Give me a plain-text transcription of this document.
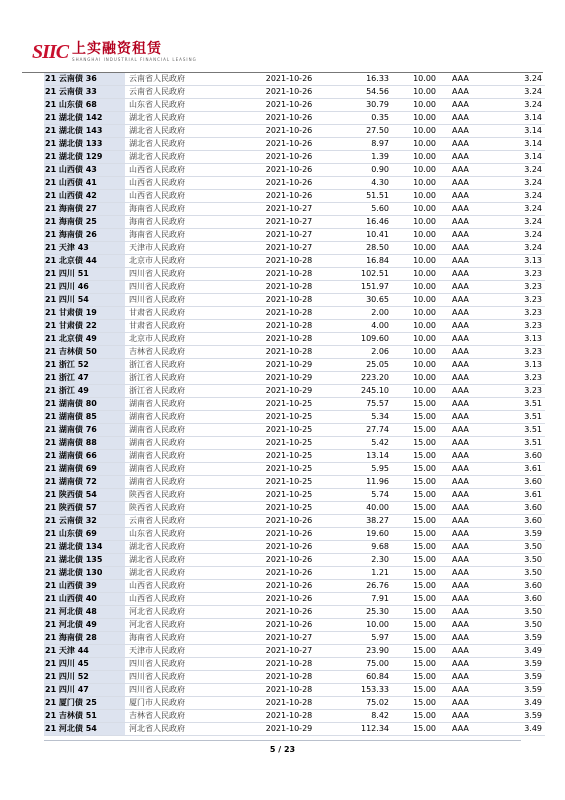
SIIC 上实融资租赁
SHANGHAI INDUSTRIAL FINANCIAL LEASING
21 云南债 36	云南省人民政府	2021-10-26	16.33	10.00	AAA	3.24
21 云南债 33	云南省人民政府	2021-10-26	54.56	10.00	AAA	3.24
21 山东债 68	山东省人民政府	2021-10-26	30.79	10.00	AAA	3.24
21 湖北债 142	湖北省人民政府	2021-10-26	0.35	10.00	AAA	3.14
21 湖北债 143	湖北省人民政府	2021-10-26	27.50	10.00	AAA	3.14
21 湖北债 133	湖北省人民政府	2021-10-26	8.97	10.00	AAA	3.14
21 湖北债 129	湖北省人民政府	2021-10-26	1.39	10.00	AAA	3.14
21 山西债 43	山西省人民政府	2021-10-26	0.90	10.00	AAA	3.24
21 山西债 41	山西省人民政府	2021-10-26	4.30	10.00	AAA	3.24
21 山西债 42	山西省人民政府	2021-10-26	51.51	10.00	AAA	3.24
21 海南债 27	海南省人民政府	2021-10-27	5.60	10.00	AAA	3.24
21 海南债 25	海南省人民政府	2021-10-27	16.46	10.00	AAA	3.24
21 海南债 26	海南省人民政府	2021-10-27	10.41	10.00	AAA	3.24
21 天津 43	天津市人民政府	2021-10-27	28.50	10.00	AAA	3.24
21 北京债 44	北京市人民政府	2021-10-28	16.84	10.00	AAA	3.13
21 四川 51	四川省人民政府	2021-10-28	102.51	10.00	AAA	3.23
21 四川 46	四川省人民政府	2021-10-28	151.97	10.00	AAA	3.23
21 四川 54	四川省人民政府	2021-10-28	30.65	10.00	AAA	3.23
21 甘肃债 19	甘肃省人民政府	2021-10-28	2.00	10.00	AAA	3.23
21 甘肃债 22	甘肃省人民政府	2021-10-28	4.00	10.00	AAA	3.23
21 北京债 49	北京市人民政府	2021-10-28	109.60	10.00	AAA	3.13
21 吉林债 50	吉林省人民政府	2021-10-28	2.06	10.00	AAA	3.23
21 浙江 52	浙江省人民政府	2021-10-29	25.05	10.00	AAA	3.13
21 浙江 47	浙江省人民政府	2021-10-29	223.20	10.00	AAA	3.23
21 浙江 49	浙江省人民政府	2021-10-29	245.10	10.00	AAA	3.23
21 湖南债 80	湖南省人民政府	2021-10-25	75.57	15.00	AAA	3.51
21 湖南债 85	湖南省人民政府	2021-10-25	5.34	15.00	AAA	3.51
21 湖南债 76	湖南省人民政府	2021-10-25	27.74	15.00	AAA	3.51
21 湖南债 88	湖南省人民政府	2021-10-25	5.42	15.00	AAA	3.51
21 湖南债 66	湖南省人民政府	2021-10-25	13.14	15.00	AAA	3.60
21 湖南债 69	湖南省人民政府	2021-10-25	5.95	15.00	AAA	3.61
21 湖南债 72	湖南省人民政府	2021-10-25	11.96	15.00	AAA	3.60
21 陕西债 54	陕西省人民政府	2021-10-25	5.74	15.00	AAA	3.61
21 陕西债 57	陕西省人民政府	2021-10-25	40.00	15.00	AAA	3.60
21 云南债 32	云南省人民政府	2021-10-26	38.27	15.00	AAA	3.60
21 山东债 69	山东省人民政府	2021-10-26	19.60	15.00	AAA	3.59
21 湖北债 134	湖北省人民政府	2021-10-26	9.68	15.00	AAA	3.50
21 湖北债 135	湖北省人民政府	2021-10-26	2.30	15.00	AAA	3.50
21 湖北债 130	湖北省人民政府	2021-10-26	1.21	15.00	AAA	3.50
21 山西债 39	山西省人民政府	2021-10-26	26.76	15.00	AAA	3.60
21 山西债 40	山西省人民政府	2021-10-26	7.91	15.00	AAA	3.60
21 河北债 48	河北省人民政府	2021-10-26	25.30	15.00	AAA	3.50
21 河北债 49	河北省人民政府	2021-10-26	10.00	15.00	AAA	3.50
21 海南债 28	海南省人民政府	2021-10-27	5.97	15.00	AAA	3.59
21 天津 44	天津市人民政府	2021-10-27	23.90	15.00	AAA	3.49
21 四川 45	四川省人民政府	2021-10-28	75.00	15.00	AAA	3.59
21 四川 52	四川省人民政府	2021-10-28	60.84	15.00	AAA	3.59
21 四川 47	四川省人民政府	2021-10-28	153.33	15.00	AAA	3.59
21 厦门债 25	厦门市人民政府	2021-10-28	75.02	15.00	AAA	3.49
21 吉林债 51	吉林省人民政府	2021-10-28	8.42	15.00	AAA	3.59
21 河北债 54	河北省人民政府	2021-10-29	112.34	15.00	AAA	3.49
5 / 23
